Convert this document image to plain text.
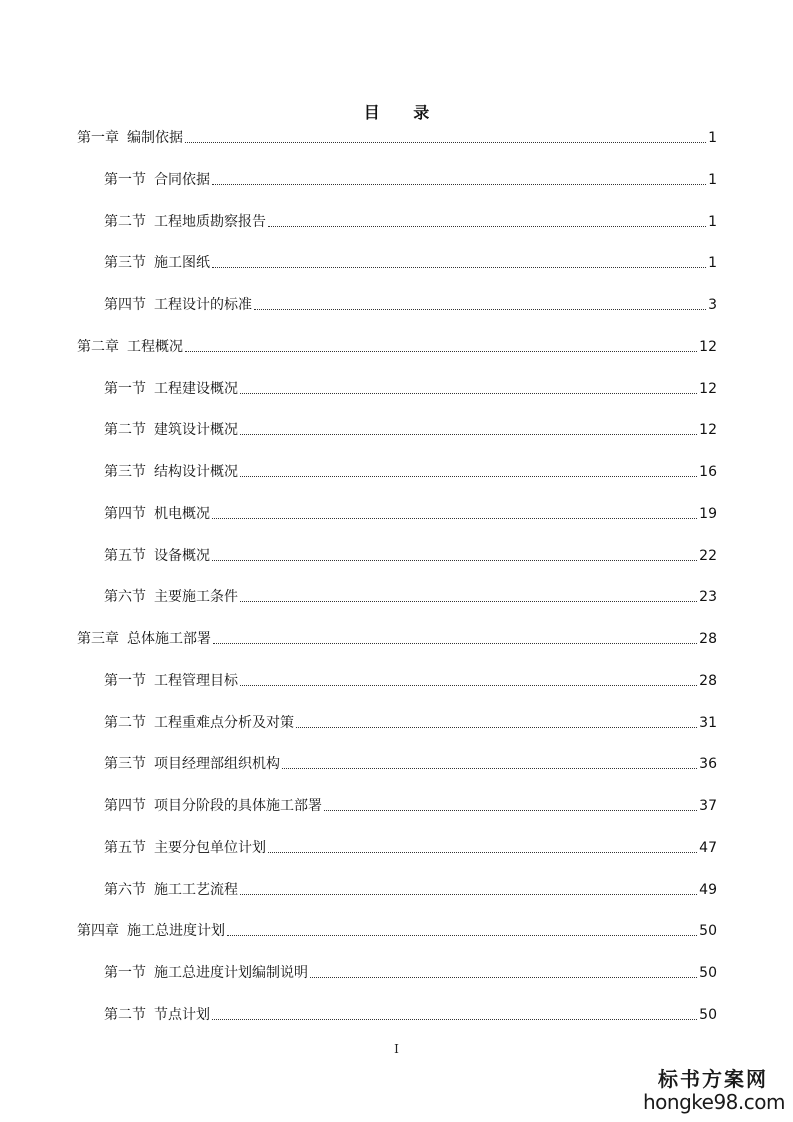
目 录
第一章 编制依据	1
第一节 合同依据	1
第二节 工程地质勘察报告	1
第三节 施工图纸	1
第四节 工程设计的标准	3
第二章 工程概况	12
第一节 工程建设概况	12
第二节 建筑设计概况	12
第三节 结构设计概况	16
第四节 机电概况	19
第五节 设备概况	22
第六节 主要施工条件	23
第三章 总体施工部署	28
第一节 工程管理目标	28
第二节 工程重难点分析及对策	31
第三节 项目经理部组织机构	36
第四节 项目分阶段的具体施工部署	37
第五节 主要分包单位计划	47
第六节 施工工艺流程	49
第四章 施工总进度计划	50
第一节 施工总进度计划编制说明	50
第二节 节点计划	50
I
标书方案网
hongke98.com
